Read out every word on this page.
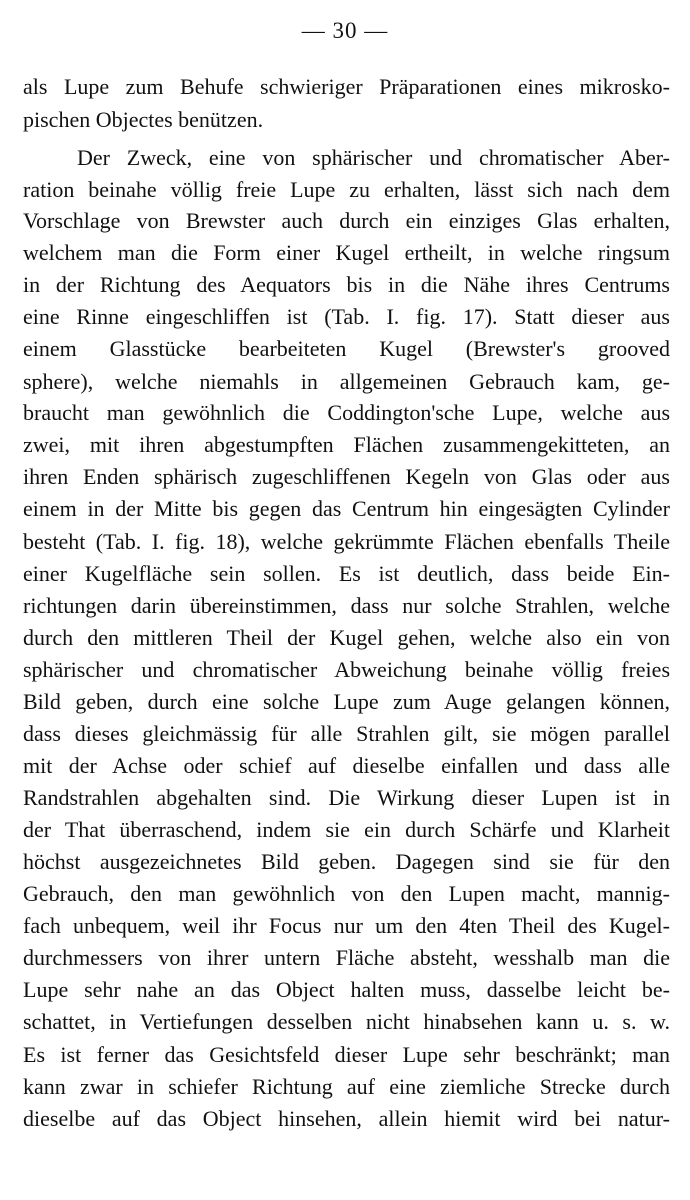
— 30 —
als Lupe zum Behufe schwieriger Präparationen eines mikrosko-
pischen Objectes benützen.
Der Zweck, eine von sphärischer und chromatischer Aber-
ration beinahe völlig freie Lupe zu erhalten, lässt sich nach dem
Vorschlage von Brewster auch durch ein einziges Glas erhalten,
welchem man die Form einer Kugel ertheilt, in welche ringsum
in der Richtung des Aequators bis in die Nähe ihres Centrums
eine Rinne eingeschliffen ist (Tab. I. fig. 17). Statt dieser aus
einem Glasstücke bearbeiteten Kugel (Brewster's grooved
sphere), welche niemahls in allgemeinen Gebrauch kam, ge-
braucht man gewöhnlich die Coddington'sche Lupe, welche aus
zwei, mit ihren abgestumpften Flächen zusammengekitteten, an
ihren Enden sphärisch zugeschliffenen Kegeln von Glas oder aus
einem in der Mitte bis gegen das Centrum hin eingesägten Cylinder
besteht (Tab. I. fig. 18), welche gekrümmte Flächen ebenfalls Theile
einer Kugelfläche sein sollen. Es ist deutlich, dass beide Ein-
richtungen darin übereinstimmen, dass nur solche Strahlen, welche
durch den mittleren Theil der Kugel gehen, welche also ein von
sphärischer und chromatischer Abweichung beinahe völlig freies
Bild geben, durch eine solche Lupe zum Auge gelangen können,
dass dieses gleichmässig für alle Strahlen gilt, sie mögen parallel
mit der Achse oder schief auf dieselbe einfallen und dass alle
Randstrahlen abgehalten sind. Die Wirkung dieser Lupen ist in
der That überraschend, indem sie ein durch Schärfe und Klarheit
höchst ausgezeichnetes Bild geben. Dagegen sind sie für den
Gebrauch, den man gewöhnlich von den Lupen macht, mannig-
fach unbequem, weil ihr Focus nur um den 4ten Theil des Kugel-
durchmessers von ihrer untern Fläche absteht, wesshalb man die
Lupe sehr nahe an das Object halten muss, dasselbe leicht be-
schattet, in Vertiefungen desselben nicht hinabsehen kann u. s. w.
Es ist ferner das Gesichtsfeld dieser Lupe sehr beschränkt; man
kann zwar in schiefer Richtung auf eine ziemliche Strecke durch
dieselbe auf das Object hinsehen, allein hiemit wird bei natur-
